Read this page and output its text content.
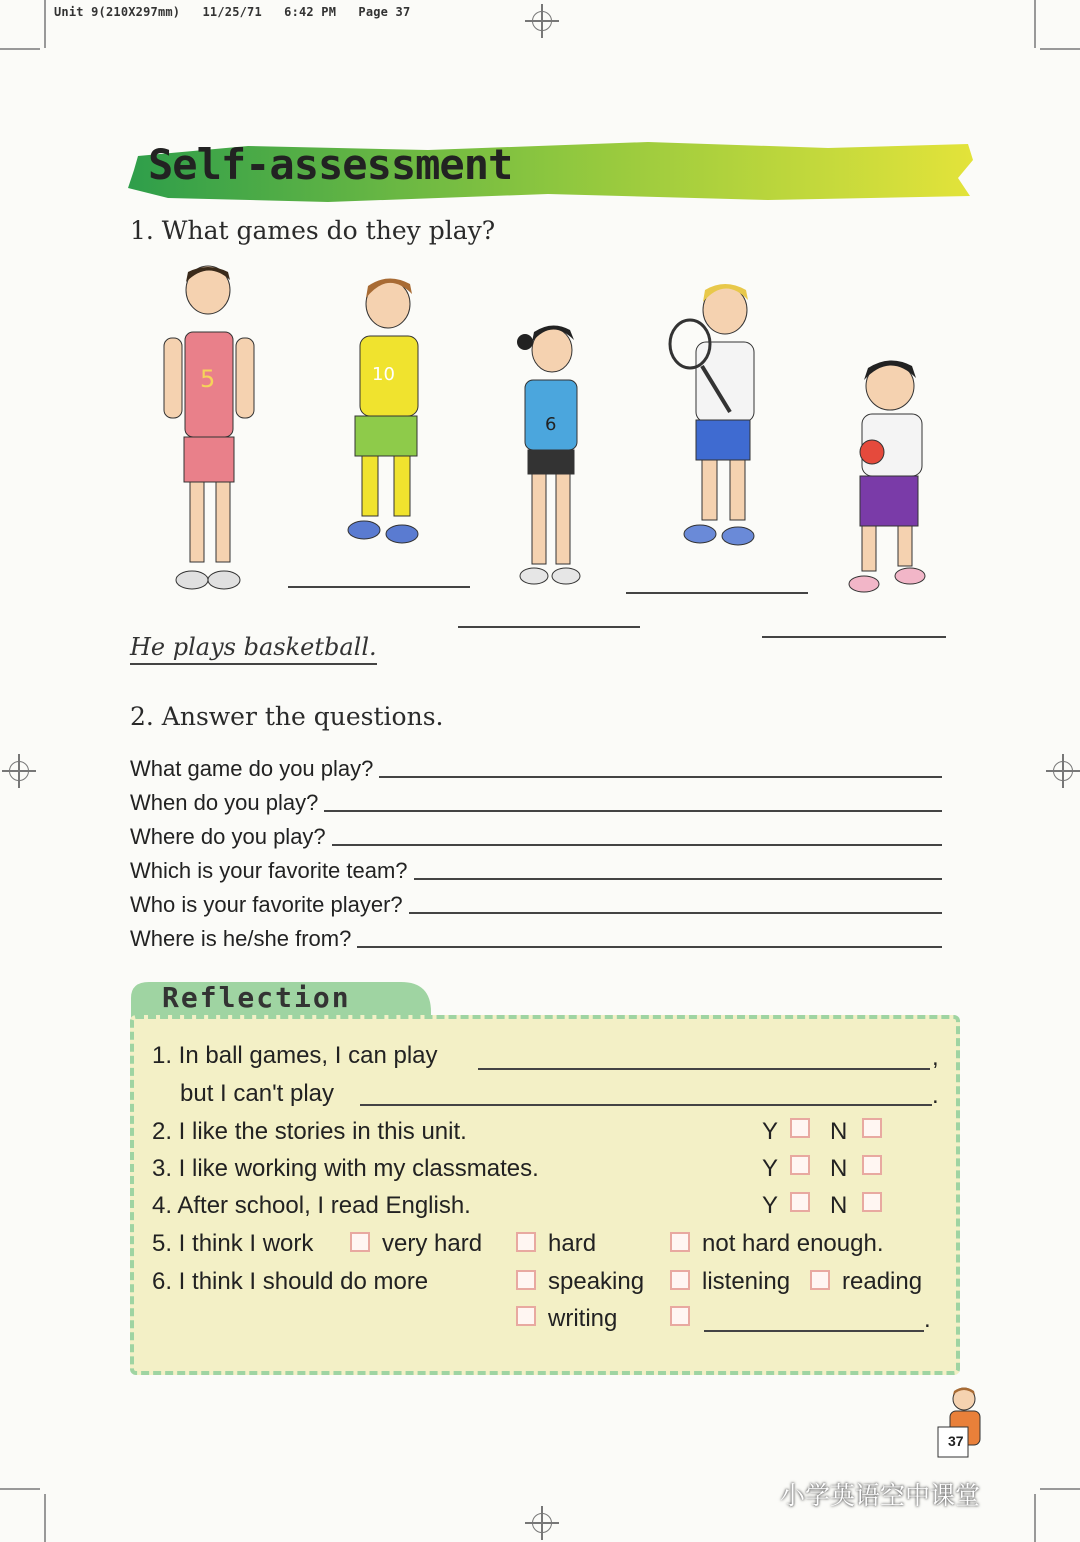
Unit 9(210X297mm)   11/25/71   6:42 PM   Page 37
Self-assessment
1. What games do they play?
5	10
6
He plays basketball.
2. Answer the questions.
What game do you play?
When do you play?
Where do you play?
Which is your favorite team?
Who is your favorite player?
Where is he/she from?
Reflection
1. In ball games, I can play	,
but I can't play	.
2. I like the stories in this unit.	Y N
3. I like working with my classmates.	Y N
4. After school, I read English.	Y N
5. I think I work	very hard	hard	not hard enough.
6. I think I should do more	speaking listening reading
writing	.
37
小学英语空中课堂
